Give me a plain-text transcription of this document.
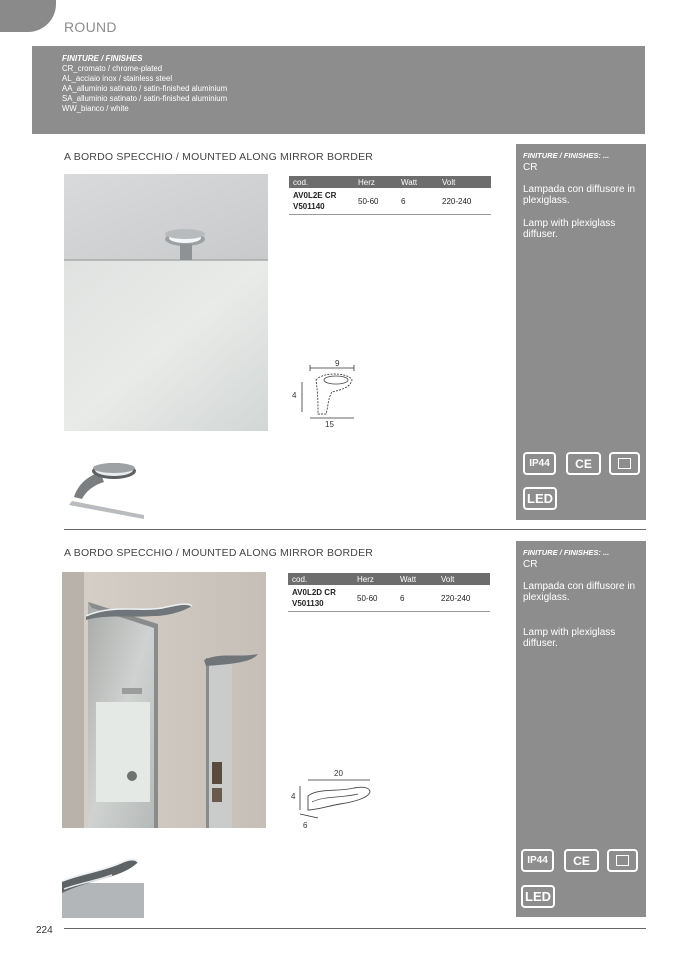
ROUND
FINITURE / FINISHES
CR_cromato / chrome-plated
AL_acciaio inox / stainless steel
AA_alluminio satinato / satin-finished aluminium
SA_alluminio satinato / satin-finished aluminium
WW_bianco / white
A BORDO SPECCHIO / MOUNTED ALONG MIRROR BORDER
cod.	Herz	Watt	Volt

AV0L2E CR
V501140	50-60	6	220-240
9
4
15
FINITURE / FINISHES: ...
CR
Lampada con diffusore in plexiglass.
Lamp with plexiglass diffuser.
IP44	CE
LED
A BORDO SPECCHIO / MOUNTED ALONG MIRROR BORDER
cod.	Herz	Watt	Volt

AV0L2D CR
V501130	50-60	6	220-240
20
4
6
FINITURE / FINISHES: ...
CR
Lampada con diffusore in plexiglass.
Lamp with plexiglass diffuser.
IP44	CE
LED
224
